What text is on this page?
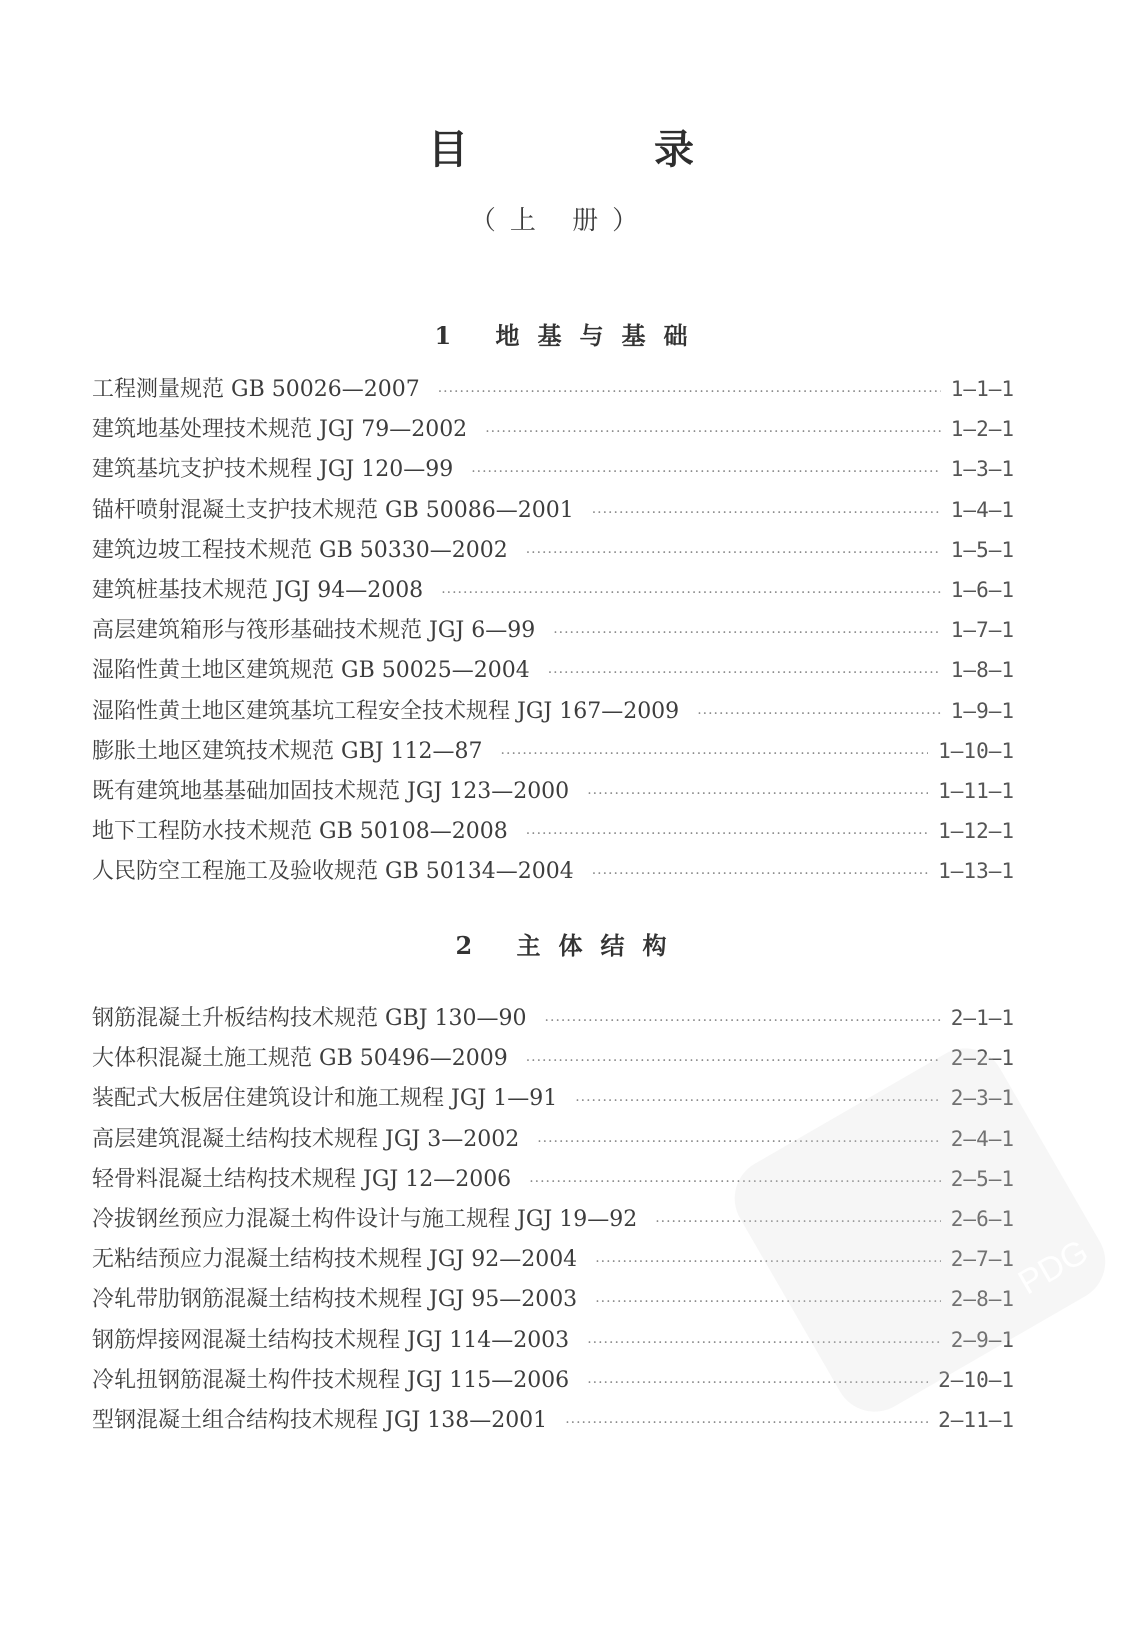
目 录
（上 册）
1 地基与基础
工程测量规范 GB 50026—2007 ·····	1—1—1
建筑地基处理技术规范 JGJ 79—2002 ·····	1—2—1
建筑基坑支护技术规程 JGJ 120—99 ·····	1—3—1
锚杆喷射混凝土支护技术规范 GB 50086—2001 ·····	1—4—1
建筑边坡工程技术规范 GB 50330—2002 ·····	1—5—1
建筑桩基技术规范 JGJ 94—2008 ·····	1—6—1
高层建筑箱形与筏形基础技术规范 JGJ 6—99 ·····	1—7—1
湿陷性黄土地区建筑规范 GB 50025—2004 ·····	1—8—1
湿陷性黄土地区建筑基坑工程安全技术规程 JGJ 167—2009 ·····	1—9—1
膨胀土地区建筑技术规范 GBJ 112—87 ·····	1—10—1
既有建筑地基基础加固技术规范 JGJ 123—2000 ·····	1—11—1
地下工程防水技术规范 GB 50108—2008 ·····	1—12—1
人民防空工程施工及验收规范 GB 50134—2004 ·····	1—13—1
2 主体结构
钢筋混凝土升板结构技术规范 GBJ 130—90 ·····	2—1—1
大体积混凝土施工规范 GB 50496—2009 ·····	2—2—1
装配式大板居住建筑设计和施工规程 JGJ 1—91 ·····	2—3—1
高层建筑混凝土结构技术规程 JGJ 3—2002 ·····	2—4—1
轻骨料混凝土结构技术规程 JGJ 12—2006 ·····	2—5—1
冷拔钢丝预应力混凝土构件设计与施工规程 JGJ 19—92 ·····	2—6—1
无粘结预应力混凝土结构技术规程 JGJ 92—2004 ·····	2—7—1
冷轧带肋钢筋混凝土结构技术规程 JGJ 95—2003 ·····	2—8—1
钢筋焊接网混凝土结构技术规程 JGJ 114—2003 ·····	2—9—1
冷轧扭钢筋混凝土构件技术规程 JGJ 115—2006 ·····	2—10—1
型钢混凝土组合结构技术规程 JGJ 138—2001 ·····	2—11—1
PDG
